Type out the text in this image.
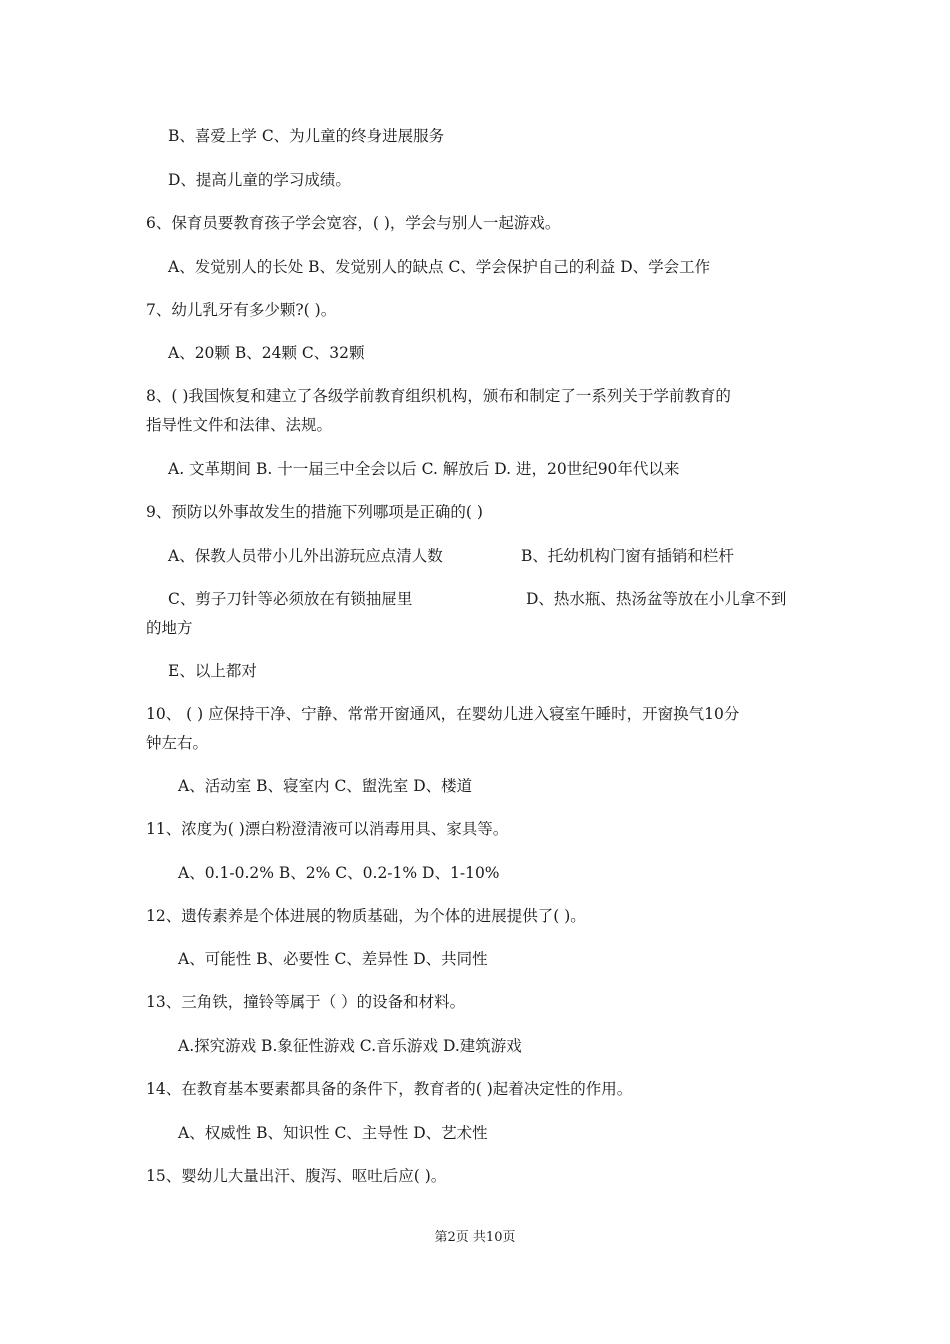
B、喜爱上学 C、为儿童的终身进展服务
D、提高儿童的学习成绩。
6、保育员要教育孩子学会宽容，( )，学会与别人一起游戏。
A、发觉别人的长处 B、发觉别人的缺点 C、学会保护自己的利益 D、学会工作
7、幼儿乳牙有多少颗?( )。
A、20颗 B、24颗 C、32颗
8、( )我国恢复和建立了各级学前教育组织机构，颁布和制定了一系列关于学前教育的
指导性文件和法律、法规。
A. 文革期间 B. 十一届三中全会以后 C. 解放后 D. 进，20世纪90年代以来
9、预防以外事故发生的措施下列哪项是正确的( )
A、保教人员带小儿外出游玩应点清人数	B、托幼机构门窗有插销和栏杆
C、剪子刀针等必须放在有锁抽屉里	D、热水瓶、热汤盆等放在小儿拿不到
的地方
E、以上都对
10、 ( ) 应保持干净、宁静、常常开窗通风，在婴幼儿进入寝室午睡时，开窗换气10分
钟左右。
A、活动室 B、寝室内 C、盥洗室 D、楼道
11、浓度为( )漂白粉澄清液可以消毒用具、家具等。
A、0.1-0.2% B、2% C、0.2-1% D、1-10%
12、遗传素养是个体进展的物质基础，为个体的进展提供了( )。
A、可能性 B、必要性 C、差异性 D、共同性
13、三角铁，撞铃等属于（ ）的设备和材料。
A.探究游戏 B.象征性游戏 C.音乐游戏 D.建筑游戏
14、在教育基本要素都具备的条件下，教育者的( )起着决定性的作用。
A、权威性 B、知识性 C、主导性 D、艺术性
15、婴幼儿大量出汗、腹泻、呕吐后应( )。
第2页 共10页
